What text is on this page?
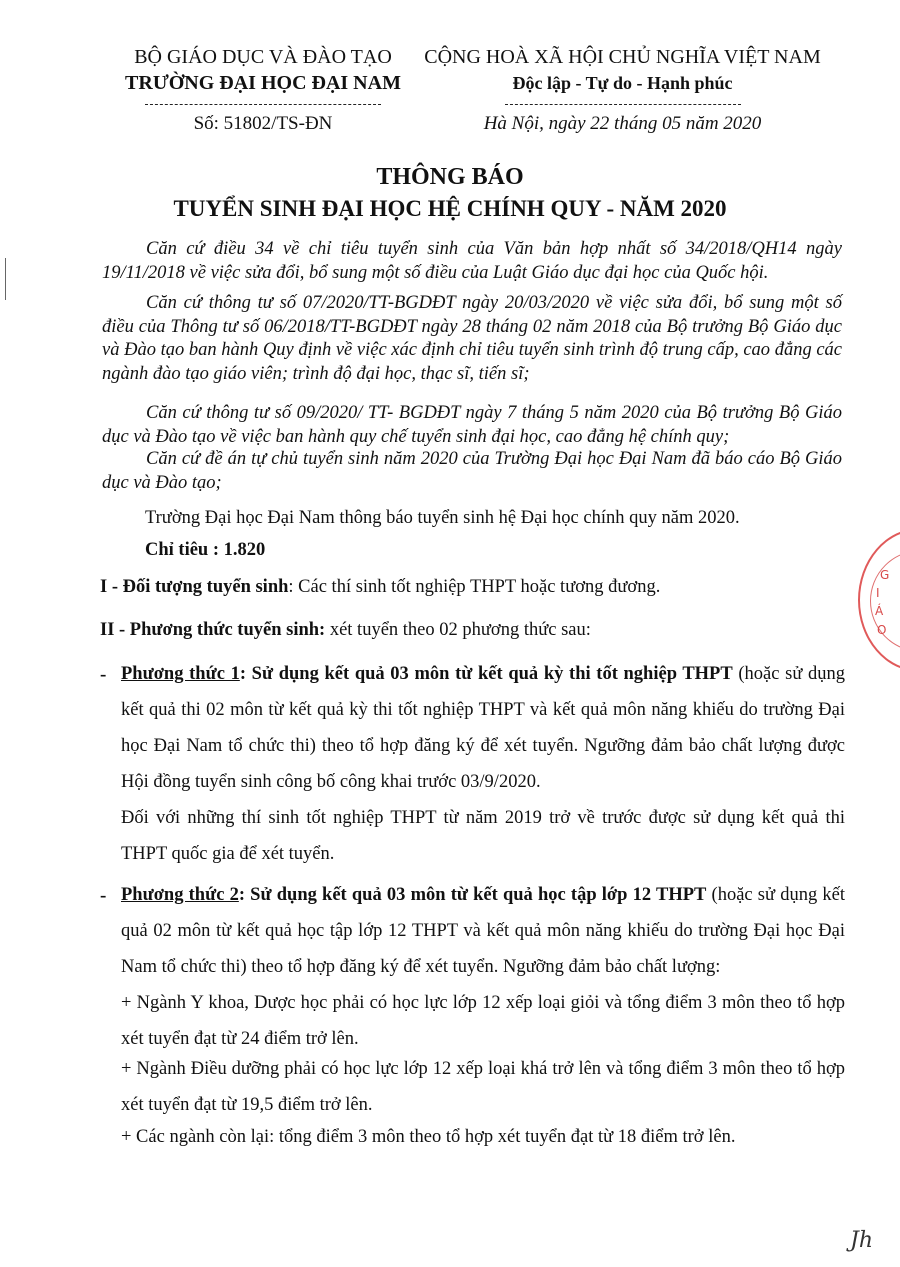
BỘ GIÁO DỤC VÀ ĐÀO TẠO
TRƯỜNG ĐẠI HỌC ĐẠI NAM
Số: 51802/TS-ĐN
CỘNG HOÀ XÃ HỘI CHỦ NGHĨA VIỆT NAM
Độc lập - Tự do - Hạnh phúc
Hà Nội, ngày 22 tháng 05 năm 2020
THÔNG BÁO
TUYỂN SINH ĐẠI HỌC HỆ CHÍNH QUY - NĂM 2020

Căn cứ điều 34 về chỉ tiêu tuyển sinh của Văn bản hợp nhất số 34/2018/QH14 ngày 19/11/2018 về việc sửa đổi, bổ sung một số điều của Luật Giáo dục đại học của Quốc hội.

Căn cứ thông tư số 07/2020/TT-BGDĐT ngày 20/03/2020 về việc sửa đổi, bổ sung một số điều của Thông tư số 06/2018/TT-BGDĐT ngày 28 tháng 02 năm 2018 của Bộ trưởng Bộ Giáo dục và Đào tạo ban hành Quy định về việc xác định chỉ tiêu tuyển sinh trình độ trung cấp, cao đẳng các ngành đào tạo giáo viên; trình độ đại học, thạc sĩ, tiến sĩ;

Căn cứ thông tư số 09/2020/ TT- BGDĐT ngày 7 tháng 5 năm 2020 của Bộ trưởng Bộ Giáo dục và Đào tạo về việc ban hành quy chế tuyển sinh đại học, cao đẳng hệ chính quy;

Căn cứ đề án tự chủ tuyển sinh năm 2020 của Trường Đại học Đại Nam đã báo cáo Bộ Giáo dục và Đào tạo;

Trường Đại học Đại Nam thông báo tuyển sinh hệ Đại học chính quy năm 2020.

Chỉ tiêu : 1.820

I - Đối tượng tuyển sinh: Các thí sinh tốt nghiệp THPT hoặc tương đương.

II - Phương thức tuyển sinh: xét tuyển theo 02 phương thức sau:

- Phương thức 1: Sử dụng kết quả 03 môn từ kết quả kỳ thi tốt nghiệp THPT (hoặc sử dụng kết quả thi 02 môn từ kết quả kỳ thi tốt nghiệp THPT và kết quả môn năng khiếu do trường Đại học Đại Nam tổ chức thi) theo tổ hợp đăng ký để xét tuyển. Ngưỡng đảm bảo chất lượng được Hội đồng tuyển sinh công bố công khai trước 03/9/2020.

Đối với những thí sinh tốt nghiệp THPT từ năm 2019 trở về trước được sử dụng kết quả thi THPT quốc gia để xét tuyển.

- Phương thức 2: Sử dụng kết quả 03 môn từ kết quả học tập lớp 12 THPT (hoặc sử dụng kết quả 02 môn từ kết quả học tập lớp 12 THPT và kết quả môn năng khiếu do trường Đại học Đại Nam tổ chức thi) theo tổ hợp đăng ký để xét tuyển. Ngưỡng đảm bảo chất lượng:

+ Ngành Y khoa, Dược học phải có học lực lớp 12 xếp loại giỏi và tổng điểm 3 môn theo tổ hợp xét tuyển đạt từ 24 điểm trở lên.

+ Ngành Điều dưỡng phải có học lực lớp 12 xếp loại khá trở lên và tổng điểm 3 môn theo tổ hợp xét tuyển đạt từ 19,5 điểm trở lên.

+ Các ngành còn lại: tổng điểm 3 môn theo tổ hợp xét tuyển đạt từ 18 điểm trở lên.

G
I
Á
O
Jh
